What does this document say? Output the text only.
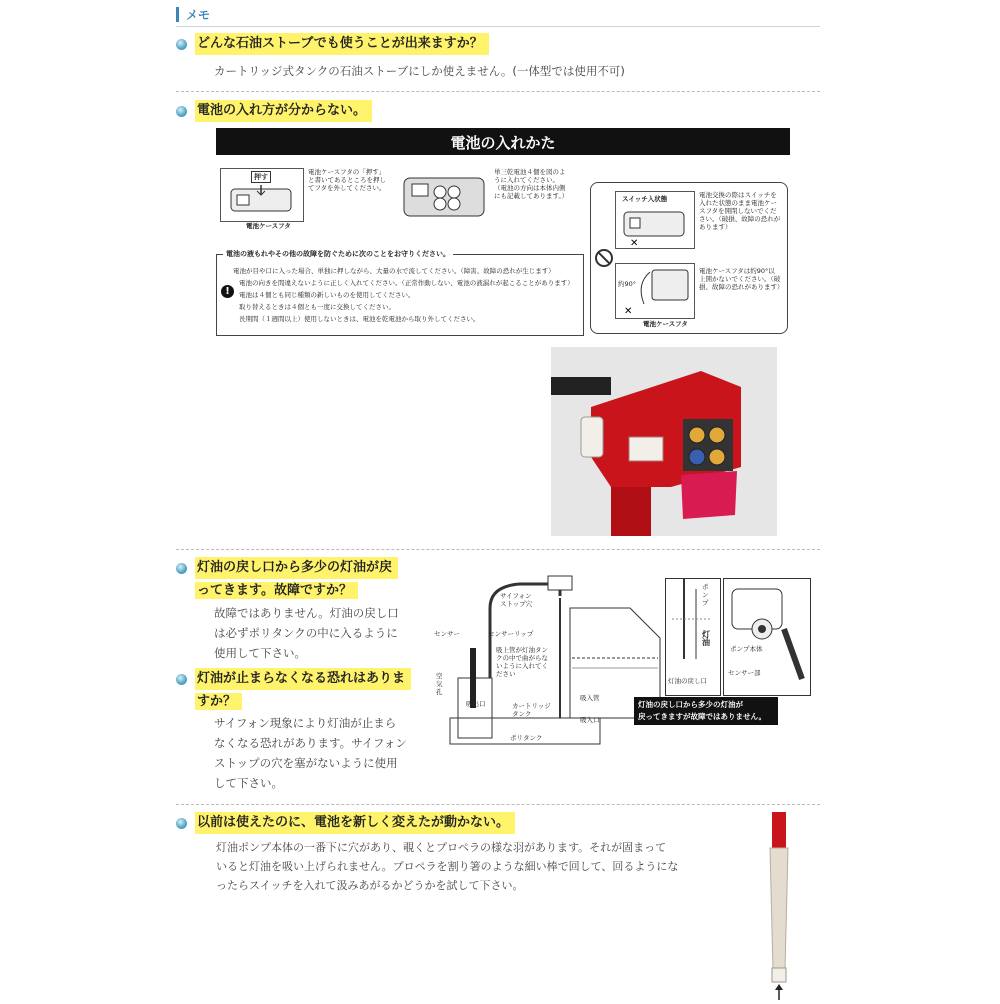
メモ
どんな石油ストーブでも使うことが出来ますか？
カートリッジ式タンクの石油ストーブにしか使えません。(一体型では使用不可)
電池の入れ方が分からない。
電池の入れかた
押す
電池ケースフタ
電池ケースフタの「押す」と書いてあるところを押してフタを外してください。
単三乾電池４個を図のように入れてください。（電池の方向は本体内側にも記載してあります。）
電池の液もれやその他の故障を防ぐために次のことをお守りください。
電池が目や口に入った場合、単独に押しながら、大量の水で流してください。（障害、故障の恐れが生じます）
!
電池の向きを間違えないように正しく入れてください。（正常作動しない、電池の液漏れが起こることがあります）
電池は４個とも同じ種類の新しいものを使用してください。
取り替えるときは４個とも一度に交換してください。
長期間（１週間以上）使用しないときは、電池を乾電池から取り外してください。
スイッチ入状態
✕
電池交換の際はスイッチを入れた状態のまま電池ケースフタを開閉しないでください。（破損、故障の恐れがあります）
約90°
✕
電池ケースフタ
電池ケースフタは約90°以上開かないでください。（破損、故障の恐れがあります）
灯油の戻し口から多少の灯油が戻
ってきます。故障ですか？
故障ではありません。灯油の戻し口
は必ずポリタンクの中に入るように
使用して下さい。
灯油が止まらなくなる恐れはありま
すか？
サイフォン現象により灯油が止まら
なくなる恐れがあります。サイフォン
ストップの穴を塞がないように使用
して下さい。
サイフォンストップ穴
センサー	センサーリップ
空気孔
吸出口
吸上管が灯油タンクの中で曲がらないように入れてください
カートリッジタンク
吸入管
吸入口
ポリタンク
ポンプ
灯油
灯油の戻し口
ポンプ本体
センサー部
灯油の戻し口から多少の灯油が
戻ってきますが故障ではありません。
以前は使えたのに、電池を新しく変えたが動かない。
灯油ポンプ本体の一番下に穴があり、覗くとプロペラの様な羽があります。それが固まって
いると灯油を吸い上げられません。プロペラを割り箸のような細い棒で回して、回るようにな
ったらスイッチを入れて汲みあがるかどうかを試して下さい。
